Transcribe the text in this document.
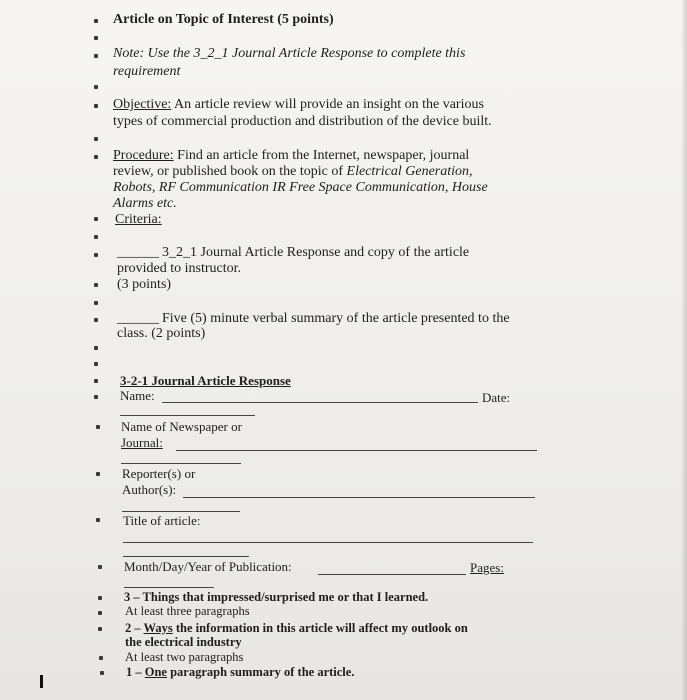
Article on Topic of Interest (5 points)
Note: Use the 3_2_1 Journal Article Response to complete this
requirement
Objective: An article review will provide an insight on the various
types of commercial production and distribution of the device built.
Procedure: Find an article from the Internet, newspaper, journal
review, or published book on the topic of Electrical Generation,
Robots, RF Communication IR Free Space Communication, House
Alarms etc.
Criteria:
______ 3_2_1 Journal Article Response and copy of the article
provided to instructor.
(3 points)
______ Five (5) minute verbal summary of the article presented to the
class. (2 points)
3-2-1 Journal Article Response
Name:	Date:
Name of Newspaper or
Journal:
Reporter(s) or
Author(s):
Title of article:
Month/Day/Year of Publication:	Pages:
3 – Things that impressed/surprised me or that I learned.
At least three paragraphs
2 – Ways the information in this article will affect my outlook on
the electrical industry
At least two paragraphs
1 – One paragraph summary of the article.
